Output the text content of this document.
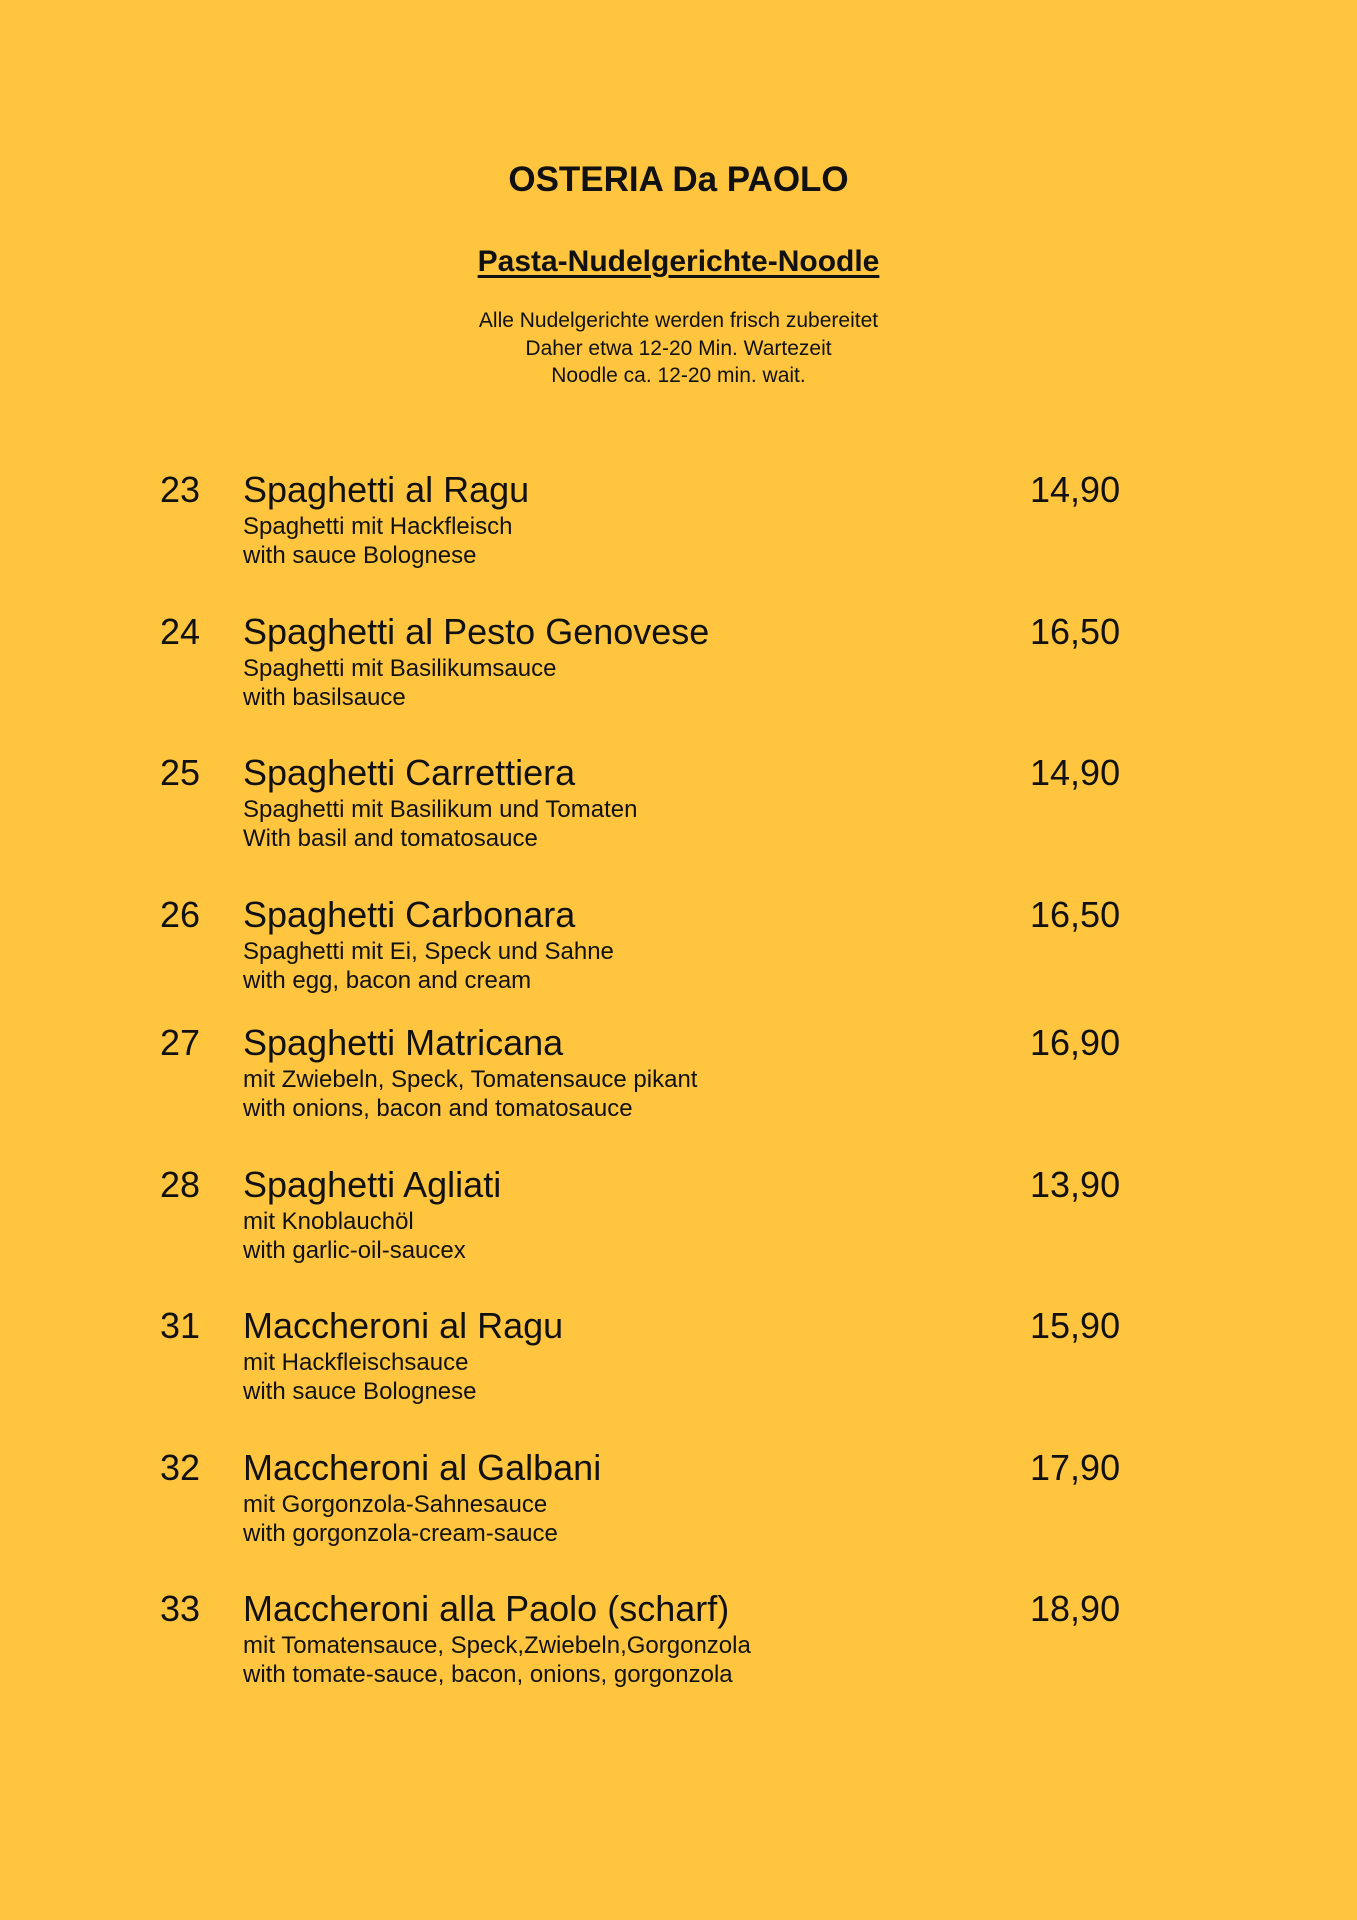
OSTERIA Da PAOLO
Pasta-Nudelgerichte-Noodle
Alle Nudelgerichte werden frisch zubereitet
Daher etwa 12-20 Min. Wartezeit
Noodle ca. 12-20 min. wait.
23 Spaghetti al Ragu	14,90
Spaghetti mit Hackfleisch
with sauce Bolognese
24 Spaghetti al Pesto Genovese	16,50
Spaghetti mit Basilikumsauce
with basilsauce
25 Spaghetti Carrettiera	14,90
Spaghetti mit Basilikum und Tomaten
With basil and tomatosauce
26 Spaghetti Carbonara	16,50
Spaghetti mit Ei, Speck und Sahne
with egg, bacon and cream
27 Spaghetti Matricana	16,90
mit Zwiebeln, Speck, Tomatensauce pikant
with onions, bacon and tomatosauce
28 Spaghetti Agliati	13,90
mit Knoblauchöl
with garlic-oil-saucex
31 Maccheroni al Ragu	15,90
mit Hackfleischsauce
with sauce Bolognese
32 Maccheroni al Galbani	17,90
mit Gorgonzola-Sahnesauce
with gorgonzola-cream-sauce
33 Maccheroni alla Paolo (scharf)	18,90
mit Tomatensauce, Speck,Zwiebeln,Gorgonzola
with tomate-sauce, bacon, onions, gorgonzola
